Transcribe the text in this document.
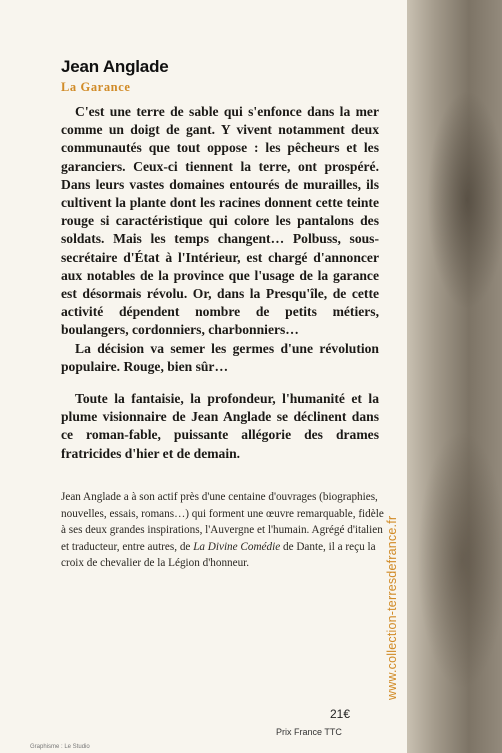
Jean Anglade
La Garance

C'est une terre de sable qui s'enfonce dans la mer comme un doigt de gant. Y vivent notamment deux communautés que tout oppose : les pêcheurs et les garanciers. Ceux-ci tiennent la terre, ont prospéré. Dans leurs vastes domaines entourés de murailles, ils cultivent la plante dont les racines donnent cette teinte rouge si caractéristique qui colore les pantalons des soldats. Mais les temps changent… Polbuss, sous-secrétaire d'État à l'Intérieur, est chargé d'annoncer aux notables de la province que l'usage de la garance est désormais révolu. Or, dans la Presqu'île, de cette activité dépendent nombre de petits métiers, boulangers, cordonniers, charbonniers…

La décision va semer les germes d'une révolution populaire. Rouge, bien sûr…

Toute la fantaisie, la profondeur, l'humanité et la plume visionnaire de Jean Anglade se déclinent dans ce roman-fable, puissante allégorie des drames fratricides d'hier et de demain.

Jean Anglade a à son actif près d'une centaine d'ouvrages (biographies, nouvelles, essais, romans…) qui forment une œuvre remarquable, fidèle à ses deux grandes inspirations, l'Auvergne et l'humain. Agrégé d'italien et traducteur, entre autres, de La Divine Comédie de Dante, il a reçu la croix de chevalier de la Légion d'honneur.

21€
Prix France TTC
Graphisme : Le Studio
www.collection-terresdefrance.fr
